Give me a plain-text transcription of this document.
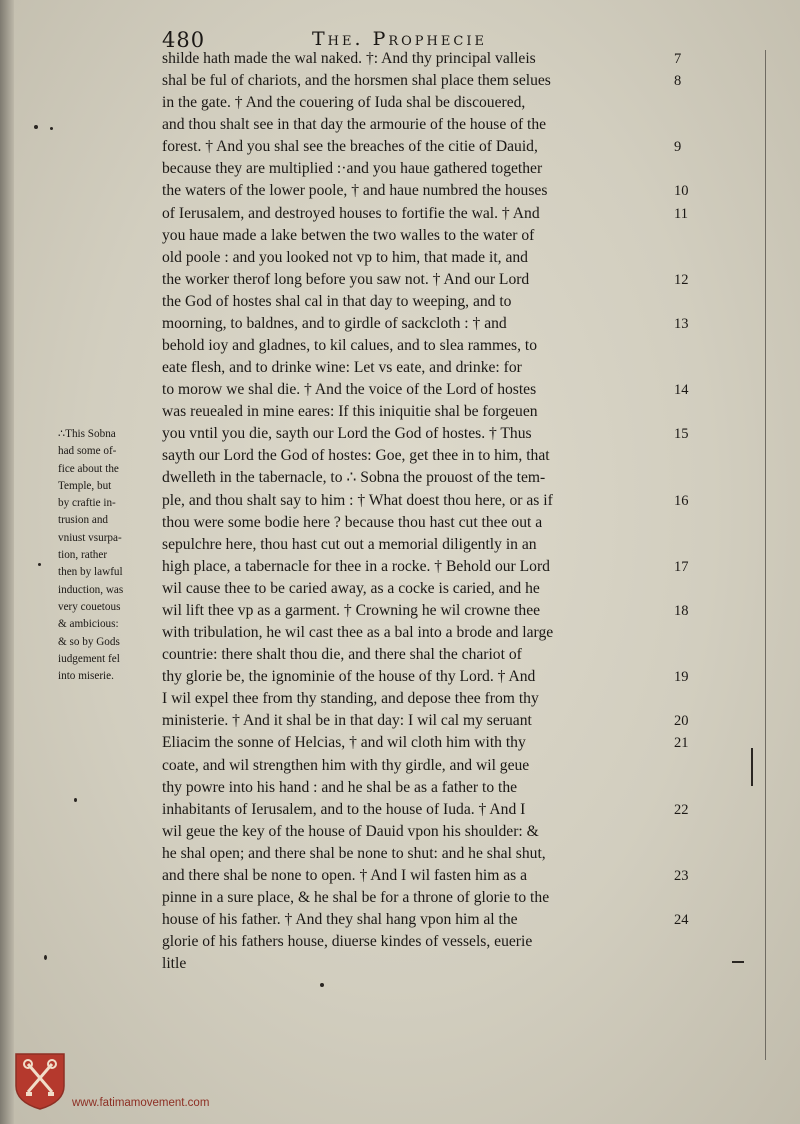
480	The. Prophecie
shilde hath made the wal naked. †: And thy principal valleis
shal be ful of chariots, and the horsmen shal place them selues
in the gate. † And the couering of Iuda shal be discouered,
and thou shalt see in that day the armourie of the house of the
forest. † And you shal see the breaches of the citie of Dauid,
because they are multiplied :·and you haue gathered together
the waters of the lower poole, † and haue numbred the houses
of Ierusalem, and destroyed houses to fortifie the wal. † And
you haue made a lake betwen the two walles to the water of
old poole : and you looked not vp to him, that made it, and
the worker therof long before you saw not. † And our Lord
the God of hostes shal cal in that day to weeping, and to
moorning, to baldnes, and to girdle of sackcloth : † and
behold ioy and gladnes, to kil calues, and to slea rammes, to
eate flesh, and to drinke wine: Let vs eate, and drinke: for
to morow we shal die. † And the voice of the Lord of hostes
was reuealed in mine eares: If this iniquitie shal be forgeuen
you vntil you die, sayth our Lord the God of hostes. † Thus
sayth our Lord the God of hostes: Goe, get thee in to him, that
dwelleth in the tabernacle, to ∴ Sobna the prouost of the tem-
ple, and thou shalt say to him : † What doest thou here, or as if
thou were some bodie here ? because thou hast cut thee out a
sepulchre here, thou hast cut out a memorial diligently in an
high place, a tabernacle for thee in a rocke. † Behold our Lord
wil cause thee to be caried away, as a cocke is caried, and he
wil lift thee vp as a garment. † Crowning he wil crowne thee
with tribulation, he wil cast thee as a bal into a brode and large
countrie: there shalt thou die, and there shal the chariot of
thy glorie be, the ignominie of the house of thy Lord. † And
I wil expel thee from thy standing, and depose thee from thy
ministerie. † And it shal be in that day: I wil cal my seruant
Eliacim the sonne of Helcias, † and wil cloth him with thy
coate, and wil strengthen him with thy girdle, and wil geue
thy powre into his hand : and he shal be as a father to the
inhabitants of Ierusalem, and to the house of Iuda. † And I
wil geue the key of the house of Dauid vpon his shoulder: &
he shal open; and there shal be none to shut: and he shal shut,
and there shal be none to open. † And I wil fasten him as a
pinne in a sure place, & he shal be for a throne of glorie to the
house of his father. † And they shal hang vpon him al the
glorie of his fathers house, diuerse kindes of vessels, euerie
litle
7
8
9
10
11
12
13
14
15
16
17
18
19
20
21
22
23
24
∴This Sobna
had some of-
fice about the
Temple, but
by craftie in-
trusion and
vniust vsurpa-
tion, rather
then by lawful
induction, was
very couetous
& ambicious:
& so by Gods
iudgement fel
into miserie.
www.fatimamovement.com
